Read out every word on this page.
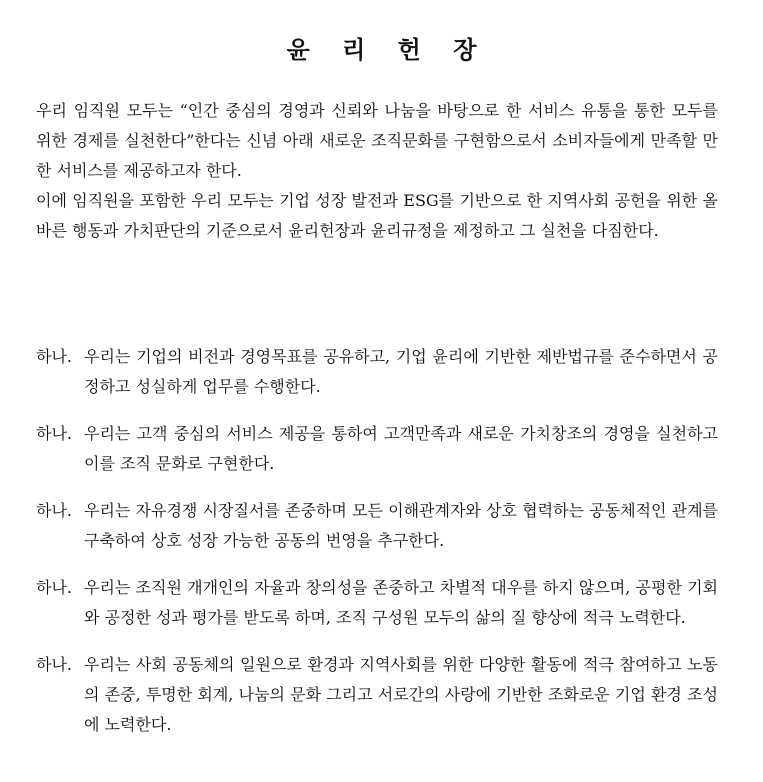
윤 리 헌 장

우리 임직원 모두는 “인간 중심의 경영과 신뢰와 나눔을 바탕으로 한 서비스 유통을 통한 모두를 위한 경제를 실천한다”한다는 신념 아래 새로운 조직문화를 구현함으로서 소비자들에게 만족할 만한 서비스를 제공하고자 한다.

이에 임직원을 포함한 우리 모두는 기업 성장 발전과 ESG를 기반으로 한 지역사회 공헌을 위한 올바른 행동과 가치판단의 기준으로서 윤리헌장과 윤리규정을 제정하고 그 실천을 다짐한다.

하나. 우리는 기업의 비전과 경영목표를 공유하고, 기업 윤리에 기반한 제반법규를 준수하면서 공정하고 성실하게 업무를 수행한다.
하나. 우리는 고객 중심의 서비스 제공을 통하여 고객만족과 새로운 가치창조의 경영을 실천하고 이를 조직 문화로 구현한다.
하나. 우리는 자유경쟁 시장질서를 존중하며 모든 이해관계자와 상호 협력하는 공동체적인 관계를 구축하여 상호 성장 가능한 공동의 번영을 추구한다.
하나. 우리는 조직원 개개인의 자율과 창의성을 존중하고 차별적 대우를 하지 않으며, 공평한 기회와 공정한 성과 평가를 받도록 하며, 조직 구성원 모두의 삶의 질 향상에 적극 노력한다.
하나. 우리는 사회 공동체의 일원으로 환경과 지역사회를 위한 다양한 활동에 적극 참여하고 노동의 존중, 투명한 회계, 나눔의 문화 그리고 서로간의 사랑에 기반한 조화로운 기업 환경 조성에 노력한다.
